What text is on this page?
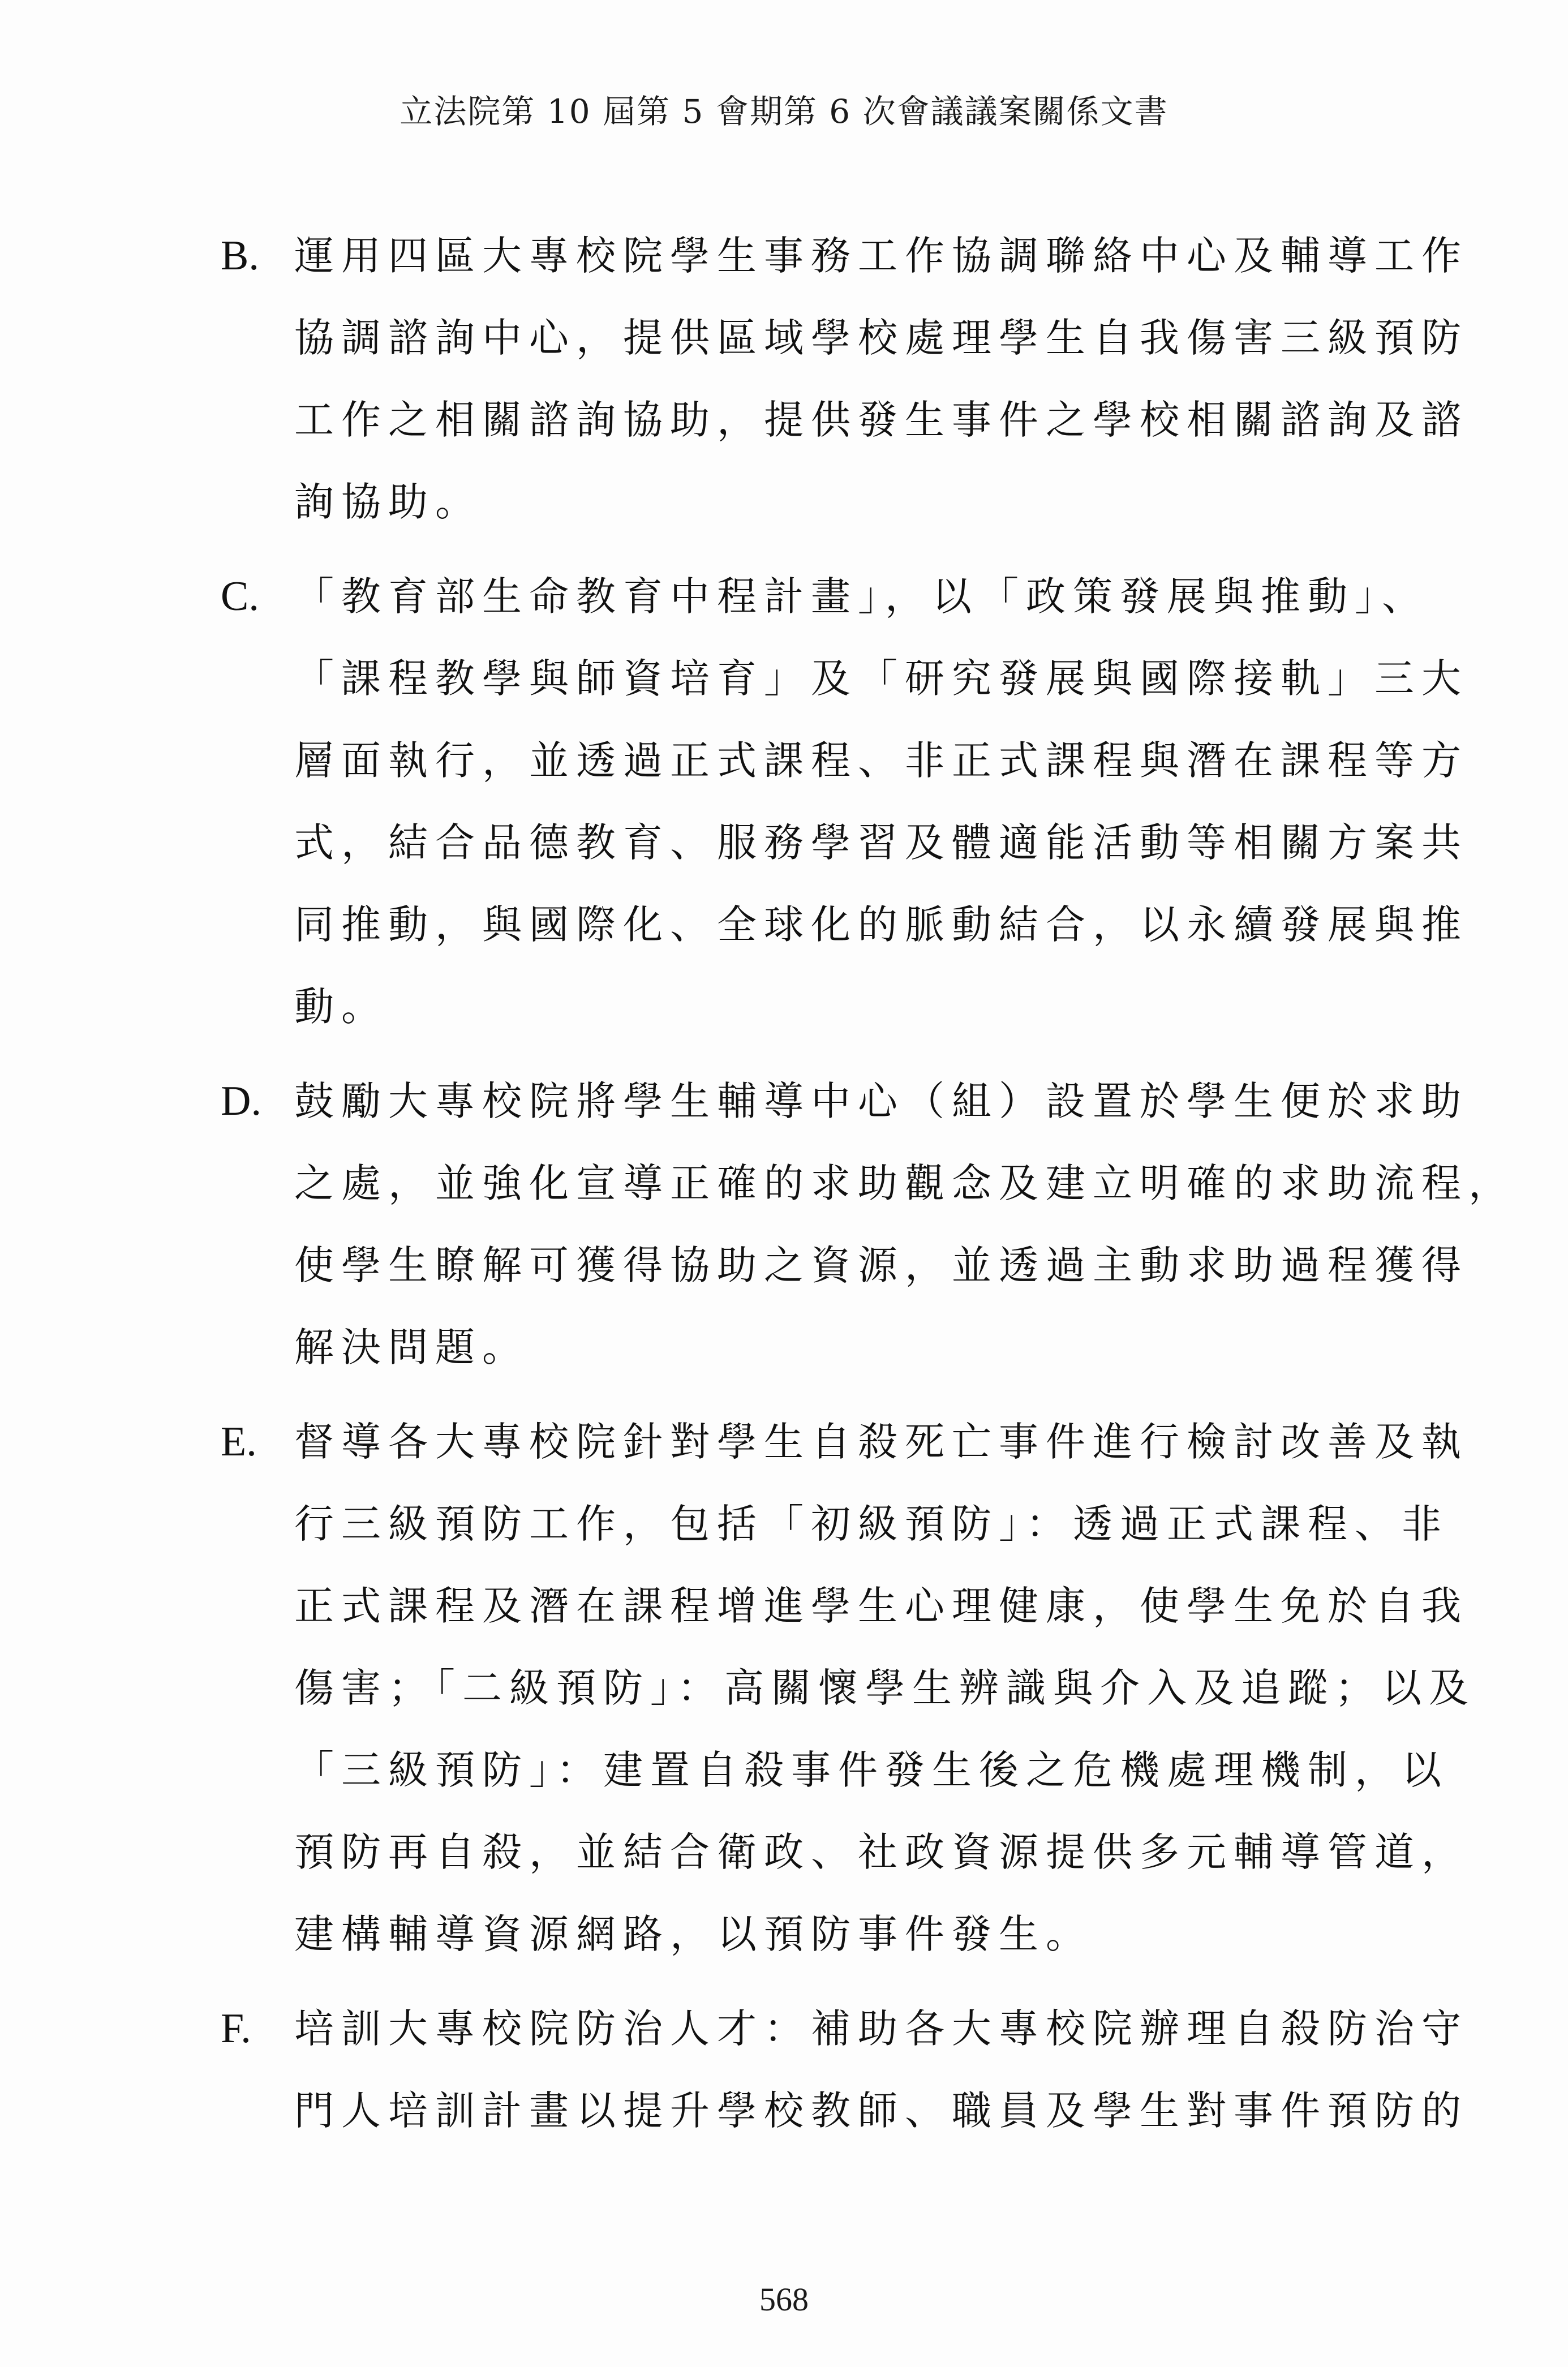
立法院第 10 屆第 5 會期第 6 次會議議案關係文書
B. 運用四區大專校院學生事務工作協調聯絡中心及輔導工作
協調諮詢中心，提供區域學校處理學生自我傷害三級預防
工作之相關諮詢協助，提供發生事件之學校相關諮詢及諮
詢協助。
C. 「教育部生命教育中程計畫」，以「政策發展與推動」、
「課程教學與師資培育」及「研究發展與國際接軌」三大
層面執行，並透過正式課程、非正式課程與潛在課程等方
式，結合品德教育、服務學習及體適能活動等相關方案共
同推動，與國際化、全球化的脈動結合，以永續發展與推
動。
D. 鼓勵大專校院將學生輔導中心（組）設置於學生便於求助
之處，並強化宣導正確的求助觀念及建立明確的求助流程，
使學生瞭解可獲得協助之資源，並透過主動求助過程獲得
解決問題。
E. 督導各大專校院針對學生自殺死亡事件進行檢討改善及執
行三級預防工作，包括「初級預防」：透過正式課程、非
正式課程及潛在課程增進學生心理健康，使學生免於自我
傷害；「二級預防」：高關懷學生辨識與介入及追蹤；以及
「三級預防」：建置自殺事件發生後之危機處理機制，以
預防再自殺，並結合衛政、社政資源提供多元輔導管道，
建構輔導資源網路，以預防事件發生。
F.	培訓大專校院防治人才：補助各大專校院辦理自殺防治守
門人培訓計畫以提升學校教師、職員及學生對事件預防的
568
